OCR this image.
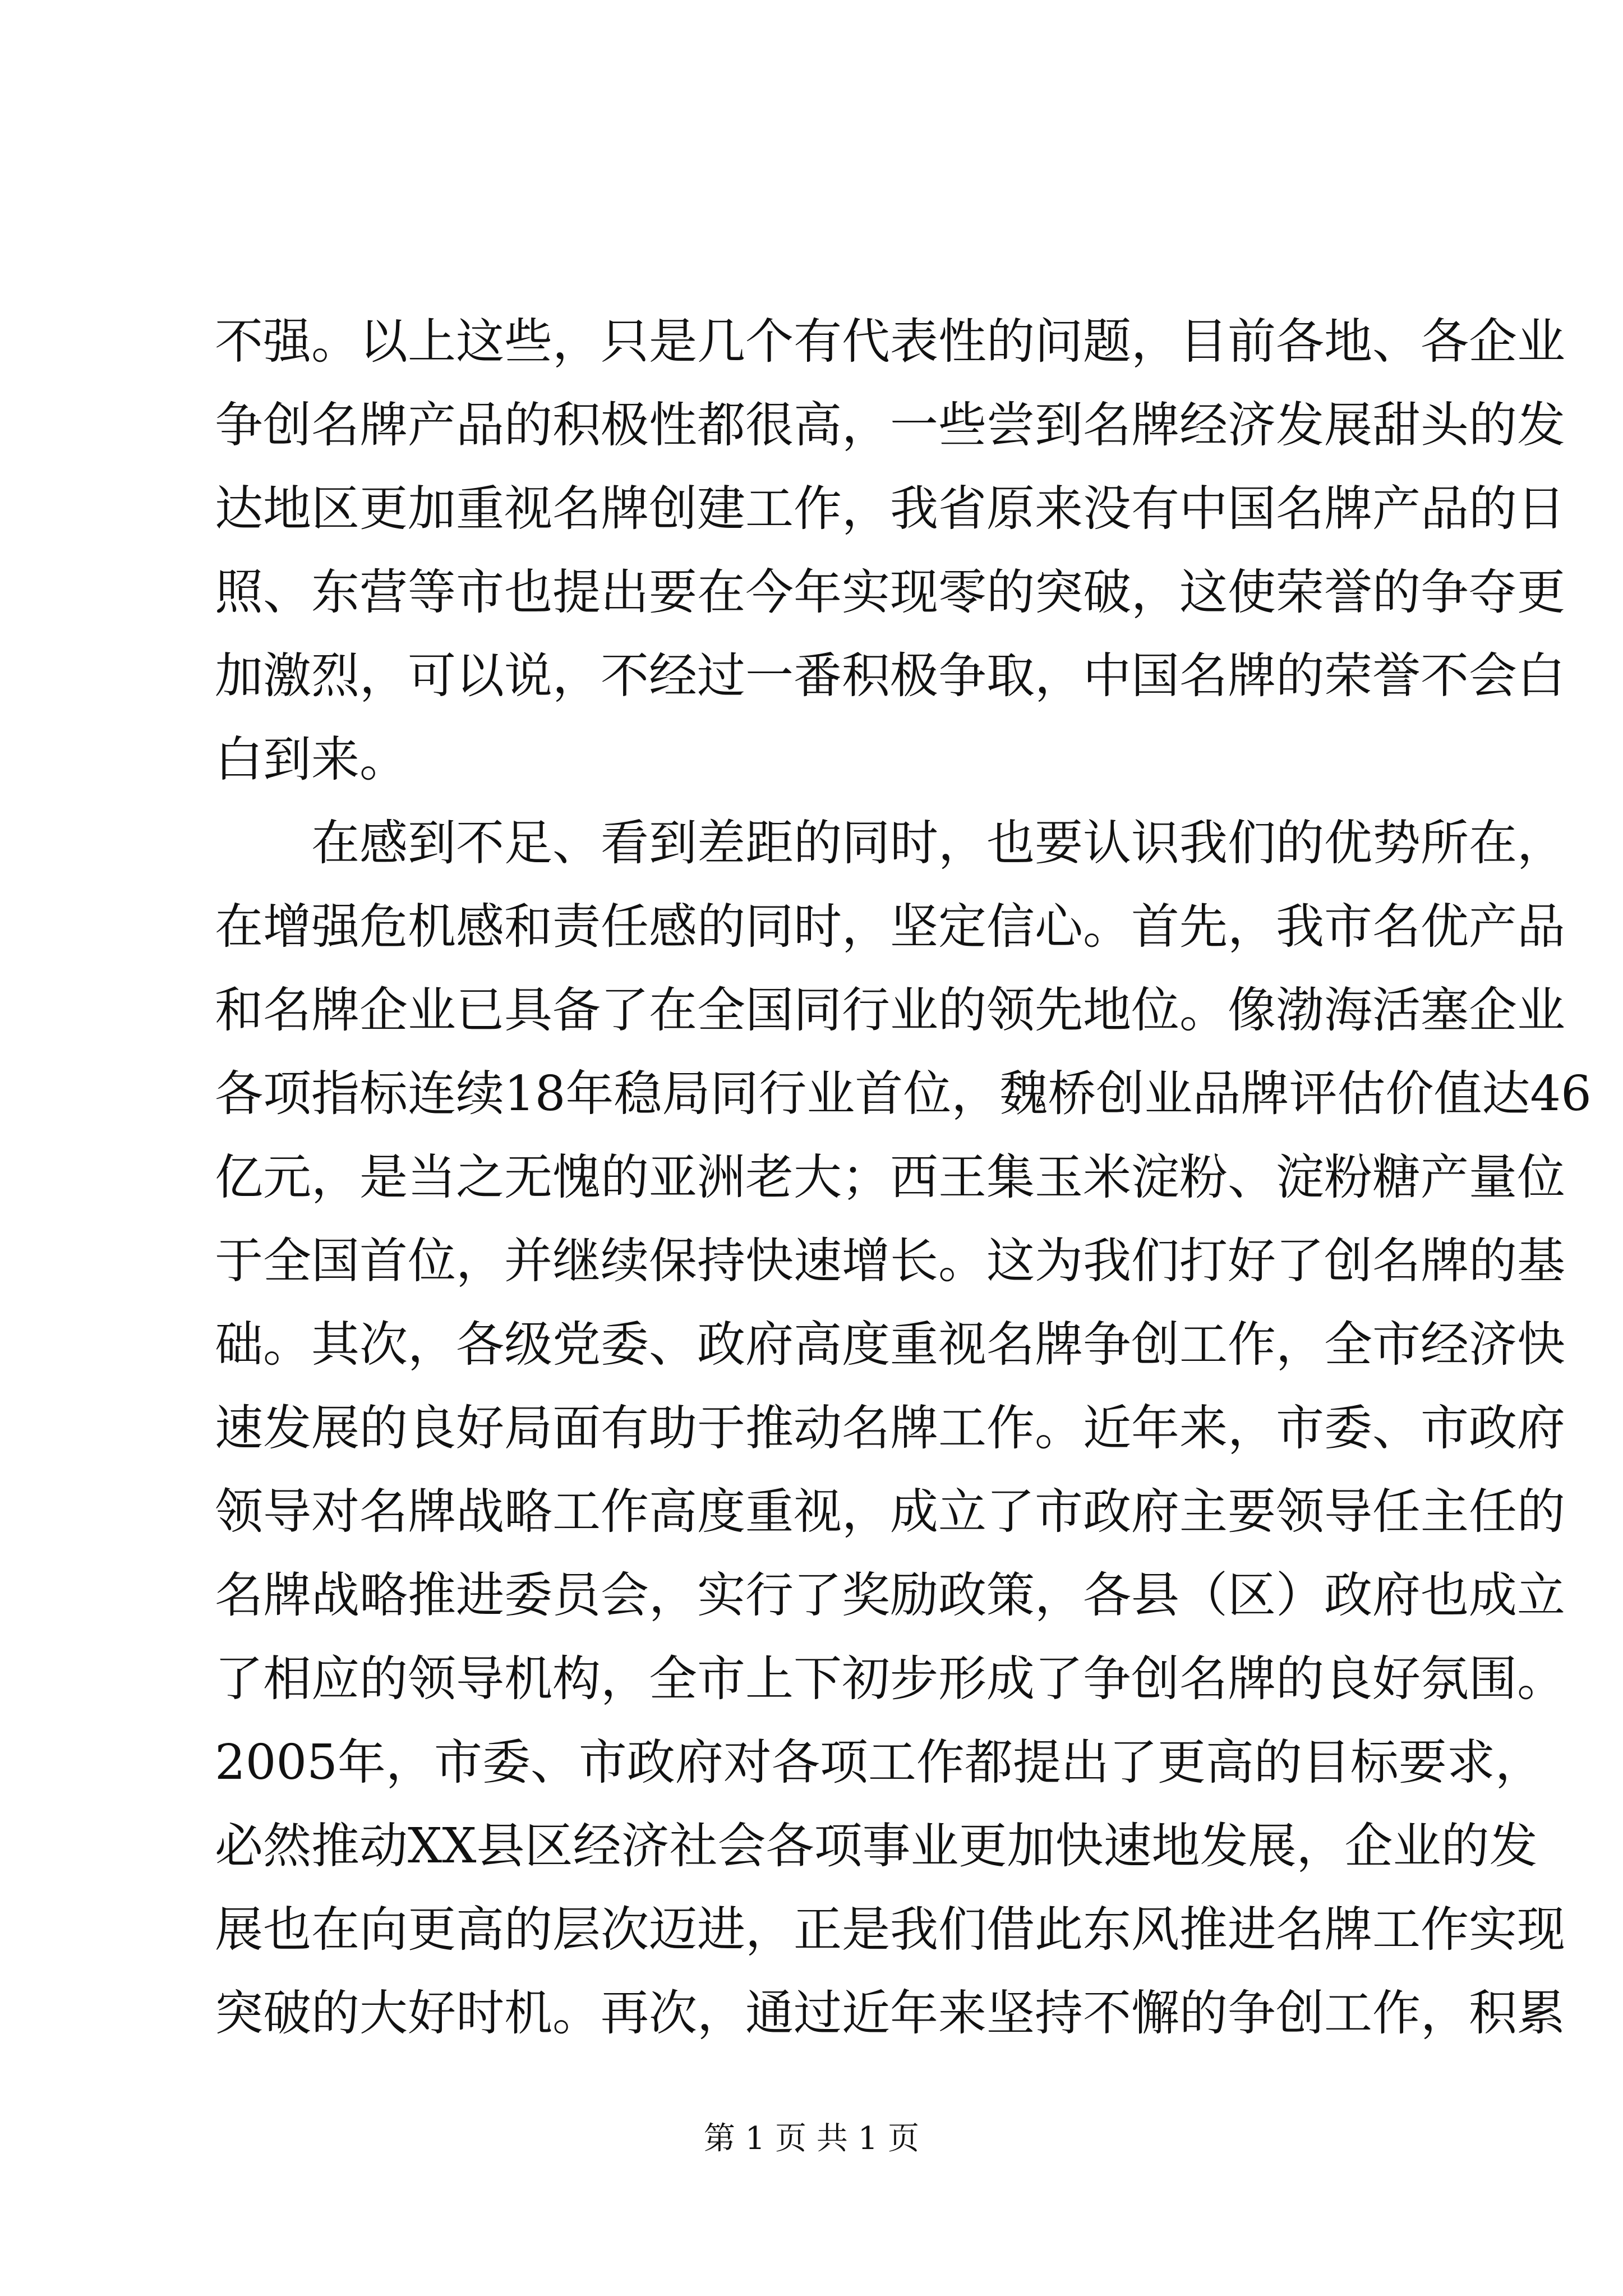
不强。以上这些，只是几个有代表性的问题，目前各地、各企业
争创名牌产品的积极性都很高，一些尝到名牌经济发展甜头的发
达地区更加重视名牌创建工作，我省原来没有中国名牌产品的日
照、东营等市也提出要在今年实现零的突破，这使荣誉的争夺更
加激烈，可以说，不经过一番积极争取，中国名牌的荣誉不会白
白到来。
在感到不足、看到差距的同时，也要认识我们的优势所在，
在增强危机感和责任感的同时，坚定信心。首先，我市名优产品
和名牌企业已具备了在全国同行业的领先地位。像渤海活塞企业
各项指标连续18年稳局同行业首位，魏桥创业品牌评估价值达46
亿元，是当之无愧的亚洲老大；西王集玉米淀粉、淀粉糖产量位
于全国首位，并继续保持快速增长。这为我们打好了创名牌的基
础。其次，各级党委、政府高度重视名牌争创工作，全市经济快
速发展的良好局面有助于推动名牌工作。近年来，市委、市政府
领导对名牌战略工作高度重视，成立了市政府主要领导任主任的
名牌战略推进委员会，实行了奖励政策，各县（区）政府也成立
了相应的领导机构，全市上下初步形成了争创名牌的良好氛围。
2005年，市委、市政府对各项工作都提出了更高的目标要求，
必然推动XX县区经济社会各项事业更加快速地发展，企业的发
展也在向更高的层次迈进，正是我们借此东风推进名牌工作实现
突破的大好时机。再次，通过近年来坚持不懈的争创工作，积累
第 1 页 共 1 页
